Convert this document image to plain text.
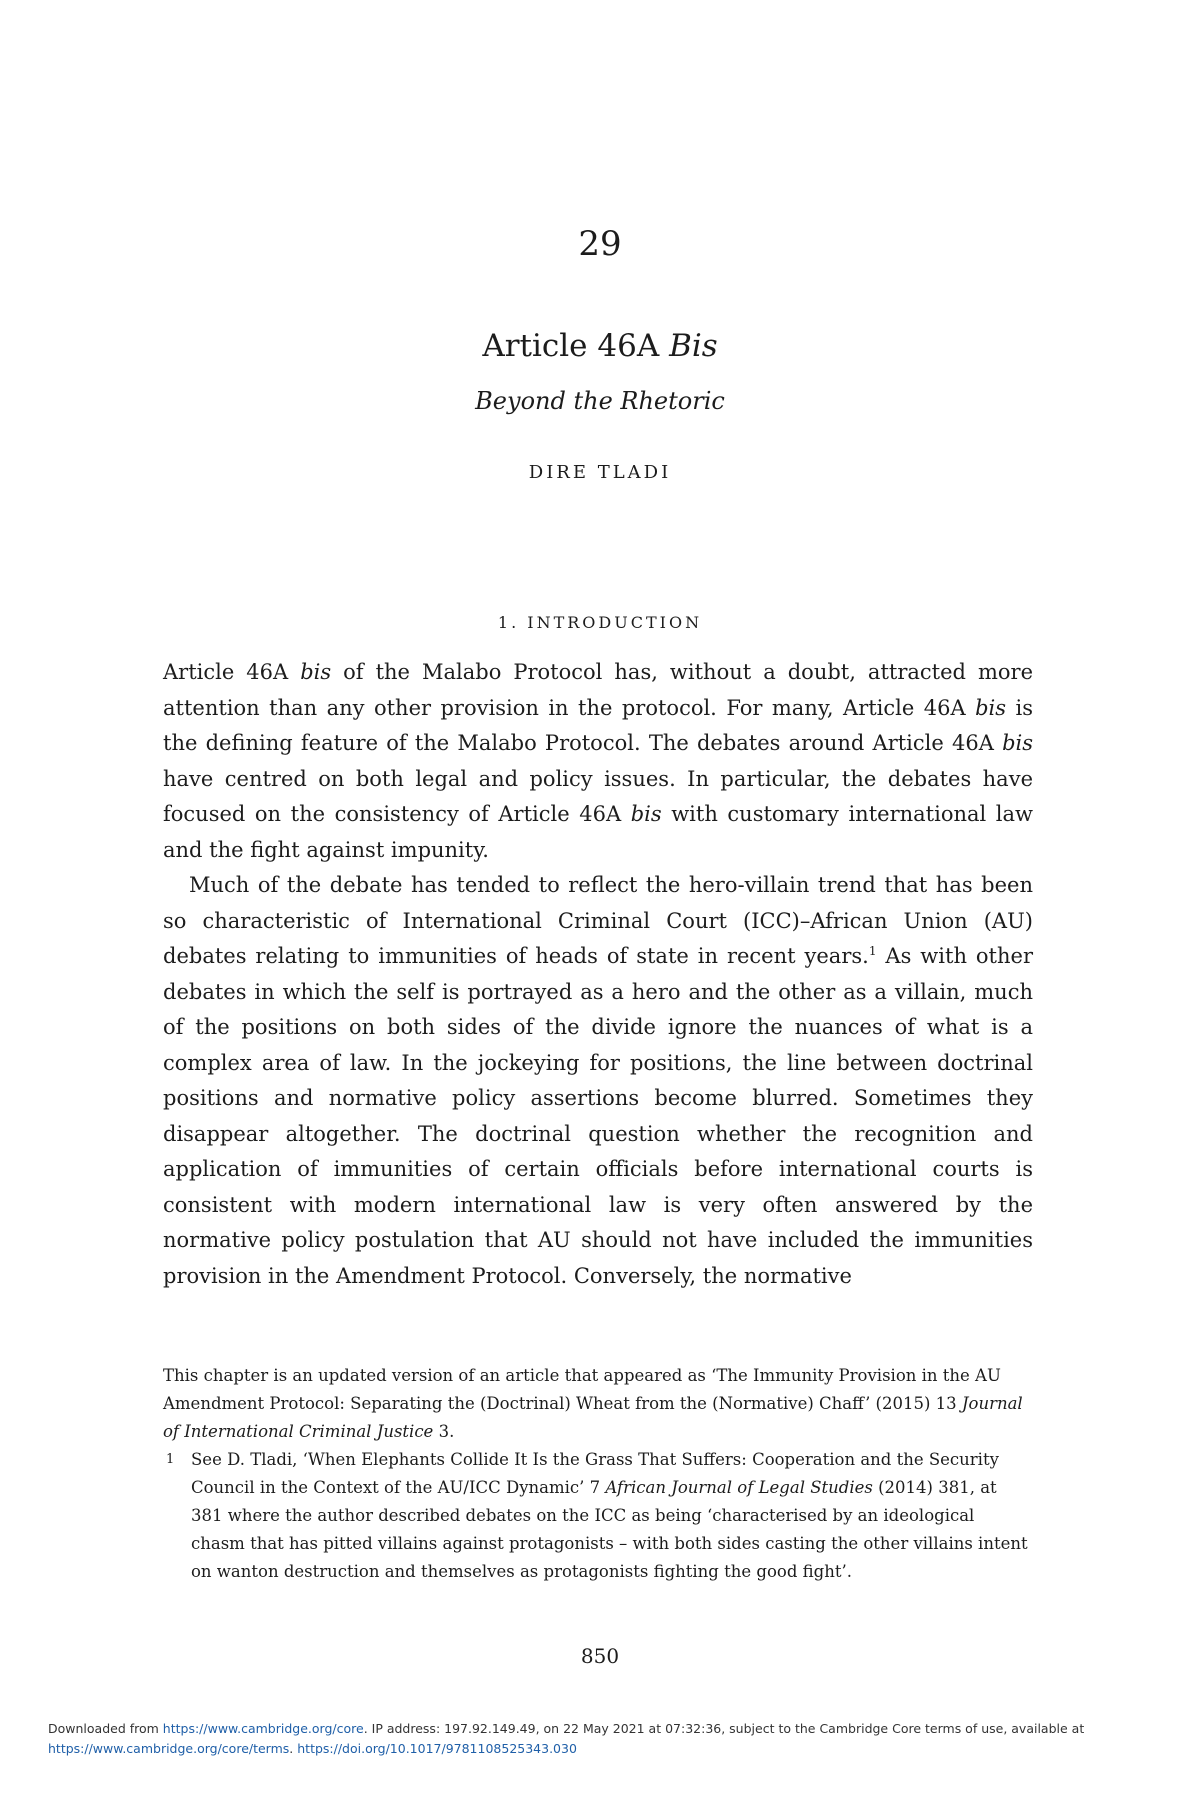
29
Article 46A Bis
Beyond the Rhetoric
DIRE TLADI
1. INTRODUCTION

Article 46A bis of the Malabo Protocol has, without a doubt, attracted more attention than any other provision in the protocol. For many, Article 46A bis is the defining feature of the Malabo Protocol. The debates around Article 46A bis have centred on both legal and policy issues. In particular, the debates have focused on the consistency of Article 46A bis with customary international law and the fight against impunity.

Much of the debate has tended to reflect the hero-villain trend that has been so characteristic of International Criminal Court (ICC)–African Union (AU) debates relating to immunities of heads of state in recent years.$^1$ As with other debates in which the self is portrayed as a hero and the other as a villain, much of the positions on both sides of the divide ignore the nuances of what is a complex area of law. In the jockeying for positions, the line between doctrinal positions and normative policy assertions become blurred. Sometimes they disappear altogether. The doctrinal question whether the recognition and application of immunities of certain officials before international courts is consistent with modern international law is very often answered by the normative policy postulation that AU should not have included the immunities provision in the Amendment Protocol. Conversely, the normative

This chapter is an updated version of an article that appeared as ‘The Immunity Provision in the AU Amendment Protocol: Separating the (Doctrinal) Wheat from the (Normative) Chaff’ (2015) 13 Journal of International Criminal Justice 3.

1 See D. Tladi, ‘When Elephants Collide It Is the Grass That Suffers: Cooperation and the Security Council in the Context of the AU/ICC Dynamic’ 7 African Journal of Legal Studies (2014) 381, at 381 where the author described debates on the ICC as being ‘characterised by an ideological chasm that has pitted villains against protagonists – with both sides casting the other villains intent on wanton destruction and themselves as protagonists fighting the good fight’.

850
Downloaded from https://www.cambridge.org/core. IP address: 197.92.149.49, on 22 May 2021 at 07:32:36, subject to the Cambridge Core terms of use, available at https://www.cambridge.org/core/terms. https://doi.org/10.1017/9781108525343.030
